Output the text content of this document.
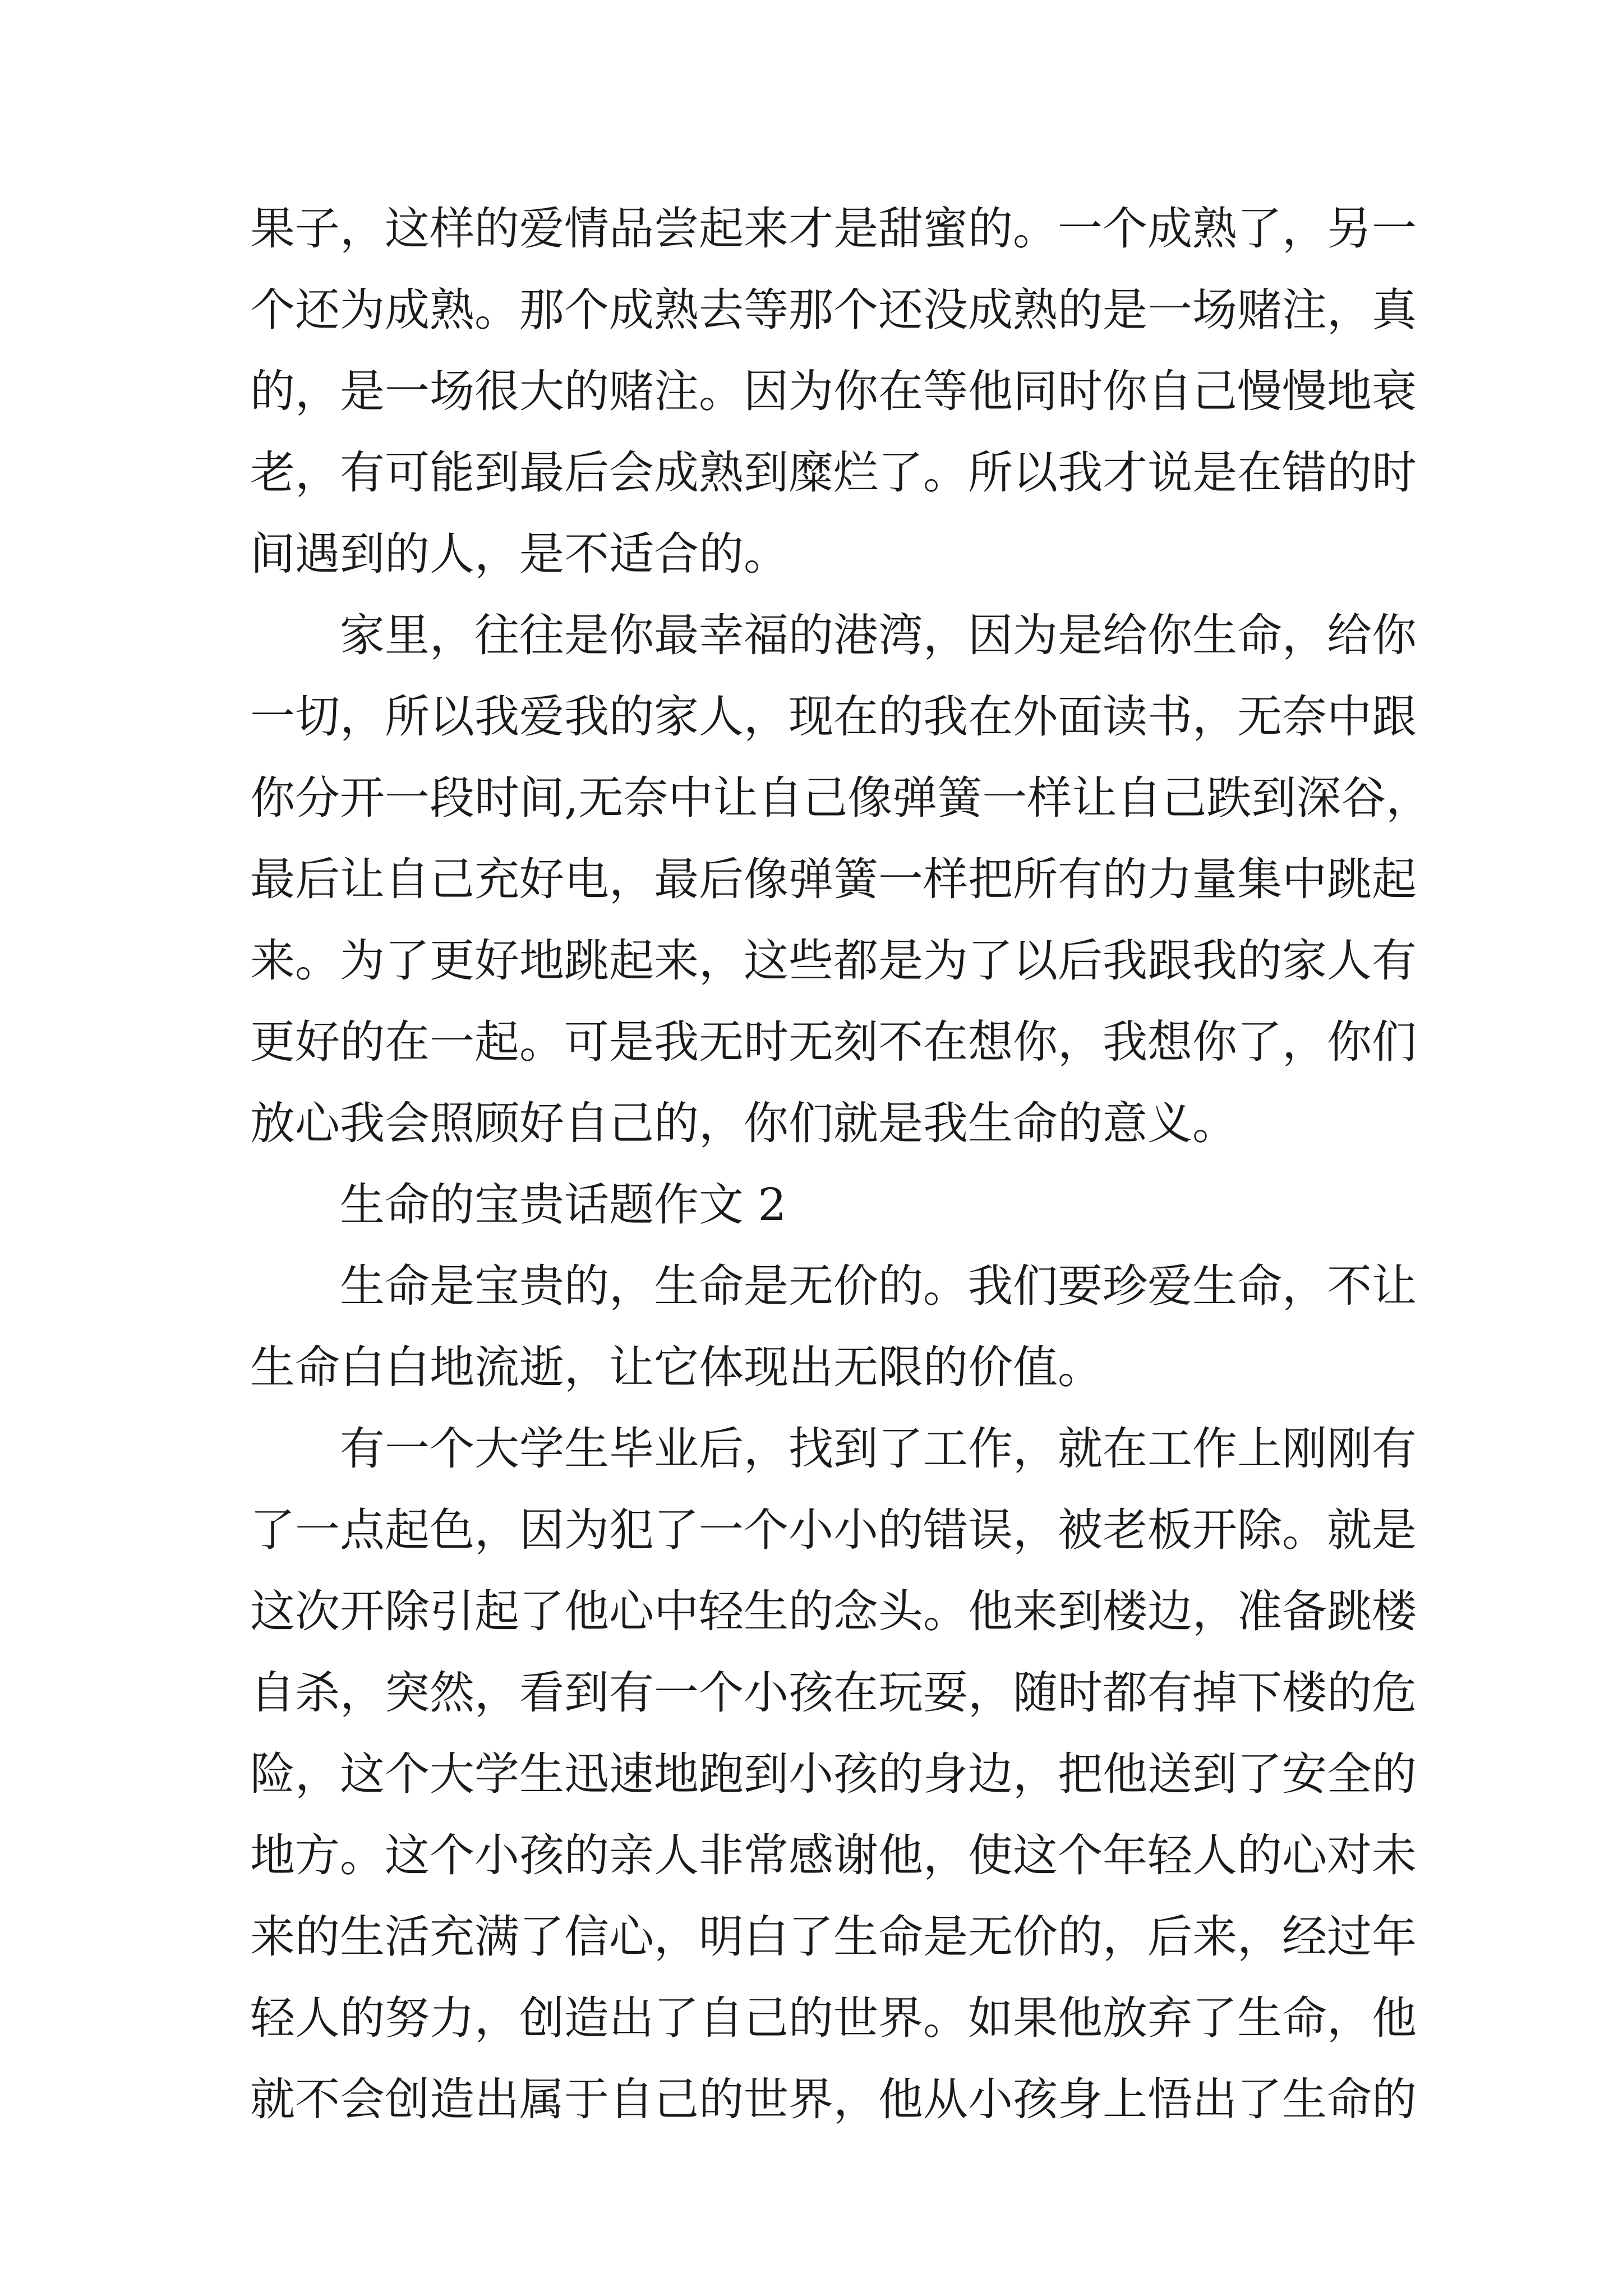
果子，这样的爱情品尝起来才是甜蜜的。一个成熟了，另一
个还为成熟。那个成熟去等那个还没成熟的是一场赌注，真
的，是一场很大的赌注。因为你在等他同时你自己慢慢地衰
老，有可能到最后会成熟到糜烂了。所以我才说是在错的时
间遇到的人，是不适合的。
家里，往往是你最幸福的港湾，因为是给你生命，给你
一切，所以我爱我的家人，现在的我在外面读书，无奈中跟
你分开一段时间,无奈中让自己像弹簧一样让自己跌到深谷，
最后让自己充好电，最后像弹簧一样把所有的力量集中跳起
来。为了更好地跳起来，这些都是为了以后我跟我的家人有
更好的在一起。可是我无时无刻不在想你，我想你了，你们
放心我会照顾好自己的，你们就是我生命的意义。
生命的宝贵话题作文 2
生命是宝贵的，生命是无价的。我们要珍爱生命，不让
生命白白地流逝，让它体现出无限的价值。
有一个大学生毕业后，找到了工作，就在工作上刚刚有
了一点起色，因为犯了一个小小的错误，被老板开除。就是
这次开除引起了他心中轻生的念头。他来到楼边，准备跳楼
自杀，突然，看到有一个小孩在玩耍，随时都有掉下楼的危
险，这个大学生迅速地跑到小孩的身边，把他送到了安全的
地方。这个小孩的亲人非常感谢他，使这个年轻人的心对未
来的生活充满了信心，明白了生命是无价的，后来，经过年
轻人的努力，创造出了自己的世界。如果他放弃了生命，他
就不会创造出属于自己的世界，他从小孩身上悟出了生命的
